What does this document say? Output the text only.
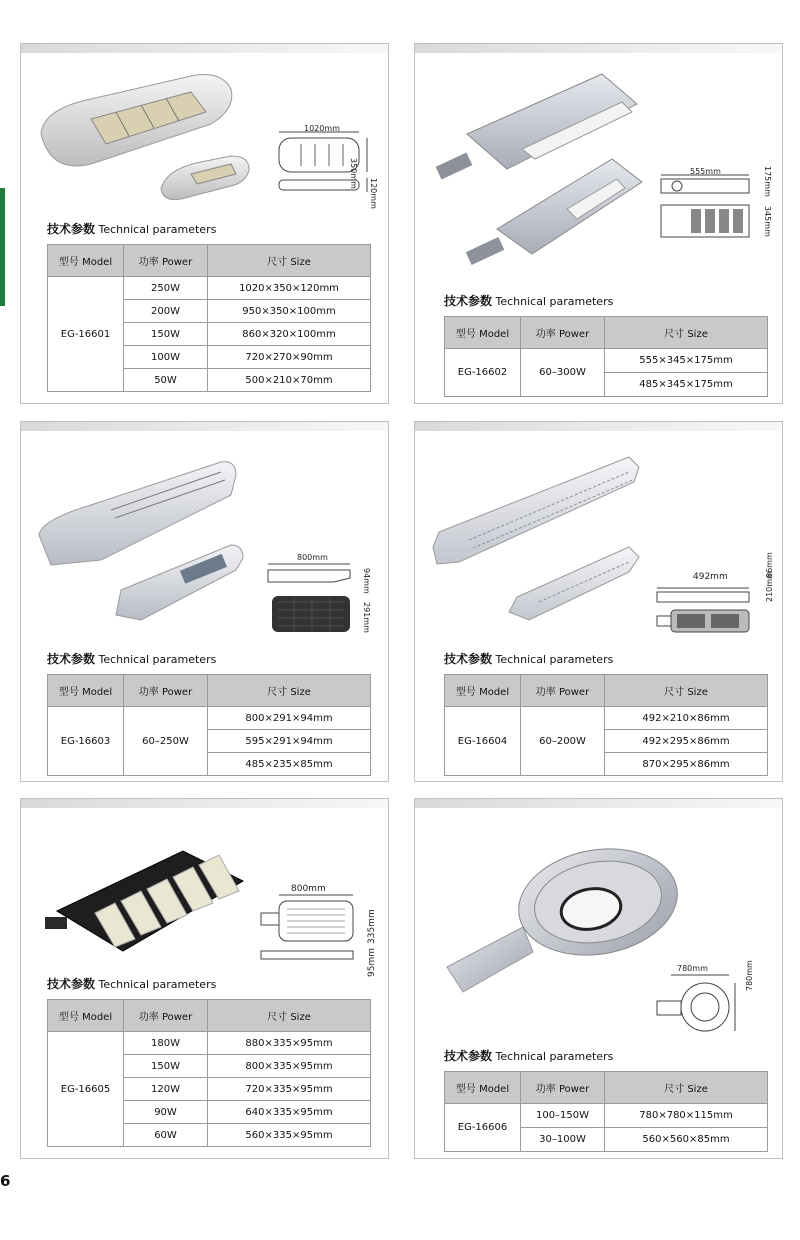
1020mm
350mm
120mm
技术参数 Technical parameters
型号 Model	功率 Power	尺寸 Size
EG-16601	250W	1020×350×120mm
	200W	950×350×100mm
	150W	860×320×100mm
	100W	720×270×90mm
	50W	500×210×70mm
555mm	175mm
345mm
技术参数 Technical parameters
型号 Model	功率 Power	尺寸 Size
EG-16602	60–300W	555×345×175mm
		485×345×175mm
800mm
94mm
291mm
技术参数 Technical parameters
型号 Model	功率 Power	尺寸 Size
EG-16603	60–250W	800×291×94mm
		595×291×94mm
		485×235×85mm
492mm	210mm
86mm
技术参数 Technical parameters
型号 Model	功率 Power	尺寸 Size
EG-16604	60–200W	492×210×86mm
		492×295×86mm
		870×295×86mm
800mm
335mm
95mm
技术参数 Technical parameters
型号 Model	功率 Power	尺寸 Size
EG-16605	180W	880×335×95mm
	150W	800×335×95mm
	120W	720×335×95mm
	90W	640×335×95mm
	60W	560×335×95mm
780mm	780mm
技术参数 Technical parameters
型号 Model	功率 Power	尺寸 Size
EG-16606	100–150W	780×780×115mm
	30–100W	560×560×85mm
6
